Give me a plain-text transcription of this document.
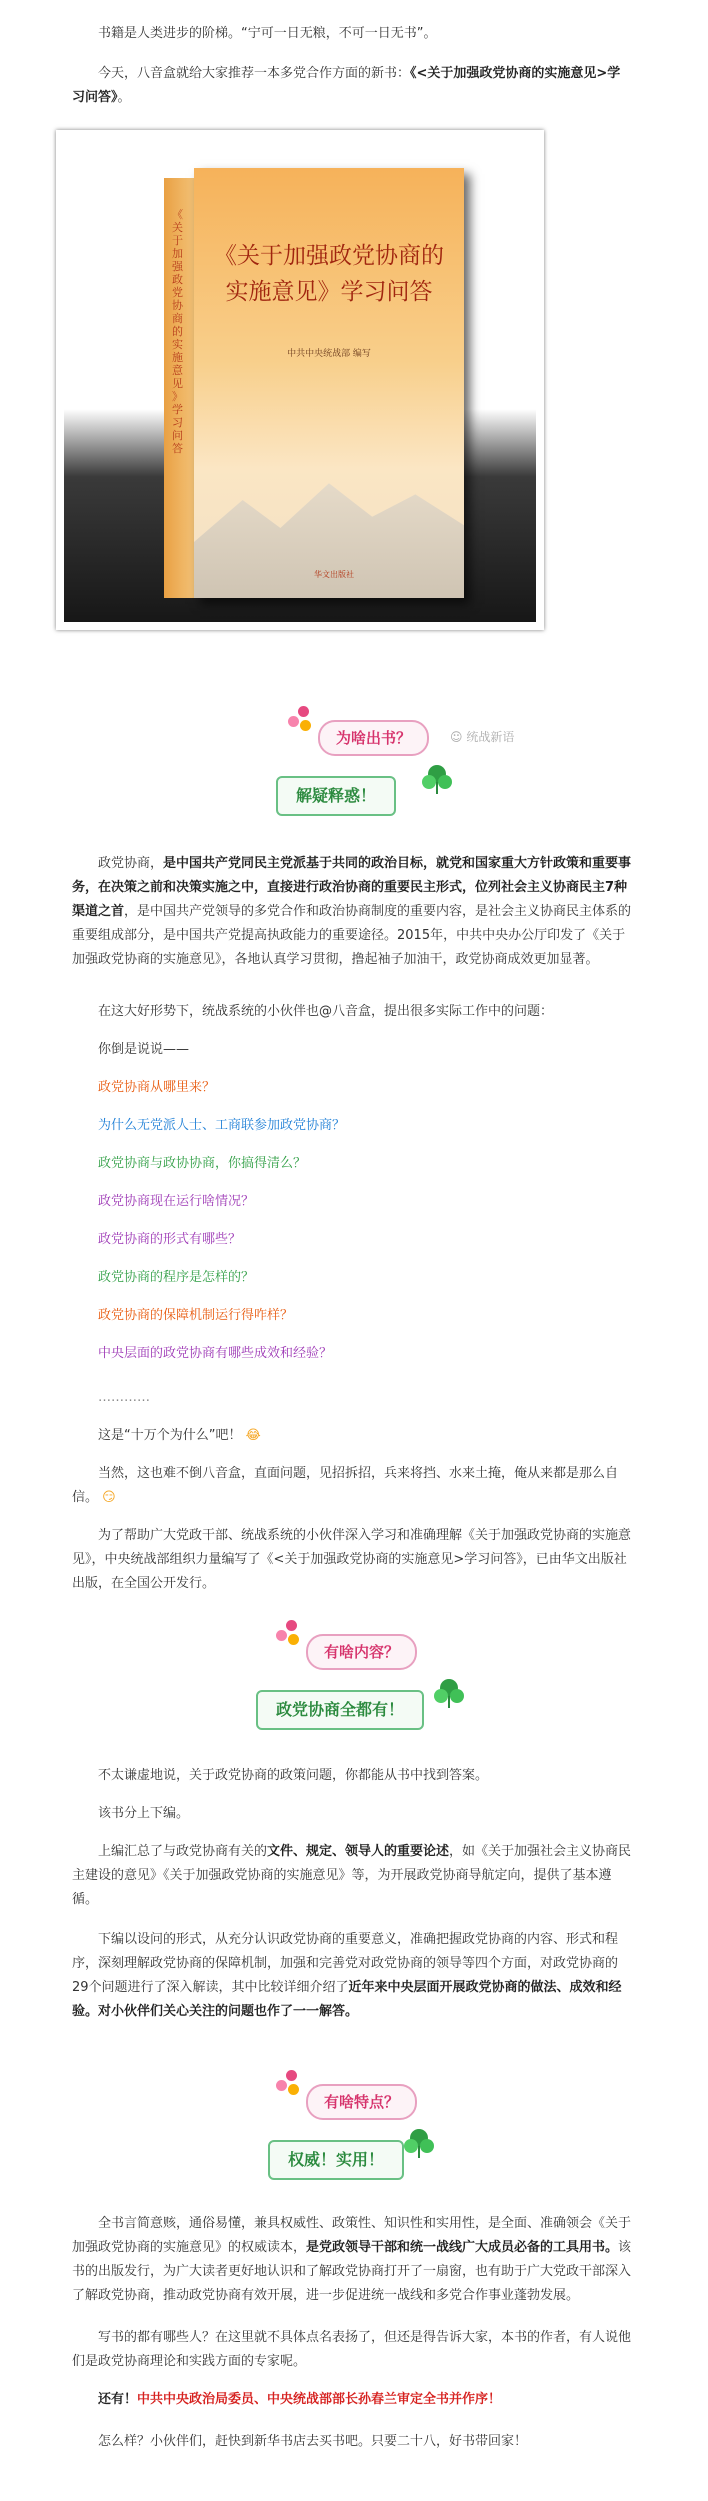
书籍是人类进步的阶梯。“宁可一日无粮，不可一日无书”。

今天，八音盒就给大家推荐一本多党合作方面的新书：《<关于加强政党协商的实施意见>学习问答》。

《关于加强政党协商的实施意见》学习问答
《关于加强政党协商的
实施意见》学习问答
中共中央统战部 编写
华文出版社
☺ 统战新语
为啥出书？
解疑释惑！

政党协商，是中国共产党同民主党派基于共同的政治目标，就党和国家重大方针政策和重要事务，在决策之前和决策实施之中，直接进行政治协商的重要民主形式，位列社会主义协商民主7种渠道之首，是中国共产党领导的多党合作和政治协商制度的重要内容，是社会主义协商民主体系的重要组成部分，是中国共产党提高执政能力的重要途径。2015年，中共中央办公厅印发了《关于加强政党协商的实施意见》，各地认真学习贯彻，撸起袖子加油干，政党协商成效更加显著。

在这大好形势下，统战系统的小伙伴也@八音盒，提出很多实际工作中的问题：

你倒是说说——

政党协商从哪里来？

为什么无党派人士、工商联参加政党协商？

政党协商与政协协商，你搞得清么？

政党协商现在运行啥情况？

政党协商的形式有哪些？

政党协商的程序是怎样的？

政党协商的保障机制运行得咋样？

中央层面的政党协商有哪些成效和经验？

…………

这是“十万个为什么”吧！ 😂

当然，这也难不倒八音盒，直面问题，见招拆招，兵来将挡、水来土掩，俺从来都是那么自信。 😏

为了帮助广大党政干部、统战系统的小伙伴深入学习和准确理解《关于加强政党协商的实施意见》，中央统战部组织力量编写了《<关于加强政党协商的实施意见>学习问答》，已由华文出版社出版，在全国公开发行。

有啥内容？
政党协商全都有！

不太谦虚地说，关于政党协商的政策问题，你都能从书中找到答案。

该书分上下编。

上编汇总了与政党协商有关的文件、规定、领导人的重要论述，如《关于加强社会主义协商民主建设的意见》《关于加强政党协商的实施意见》等，为开展政党协商导航定向，提供了基本遵循。

下编以设问的形式，从充分认识政党协商的重要意义，准确把握政党协商的内容、形式和程序，深刻理解政党协商的保障机制，加强和完善党对政党协商的领导等四个方面，对政党协商的29个问题进行了深入解读，其中比较详细介绍了近年来中央层面开展政党协商的做法、成效和经验。对小伙伴们关心关注的问题也作了一一解答。

有啥特点？
权威！实用！

全书言简意赅，通俗易懂，兼具权威性、政策性、知识性和实用性，是全面、准确领会《关于加强政党协商的实施意见》的权威读本，是党政领导干部和统一战线广大成员必备的工具用书。该书的出版发行，为广大读者更好地认识和了解政党协商打开了一扇窗，也有助于广大党政干部深入了解政党协商，推动政党协商有效开展，进一步促进统一战线和多党合作事业蓬勃发展。

写书的都有哪些人？在这里就不具体点名表扬了，但还是得告诉大家，本书的作者，有人说他们是政党协商理论和实践方面的专家呢。

还有！中共中央政治局委员、中央统战部部长孙春兰审定全书并作序！

怎么样？小伙伴们，赶快到新华书店去买书吧。只要二十八，好书带回家！
